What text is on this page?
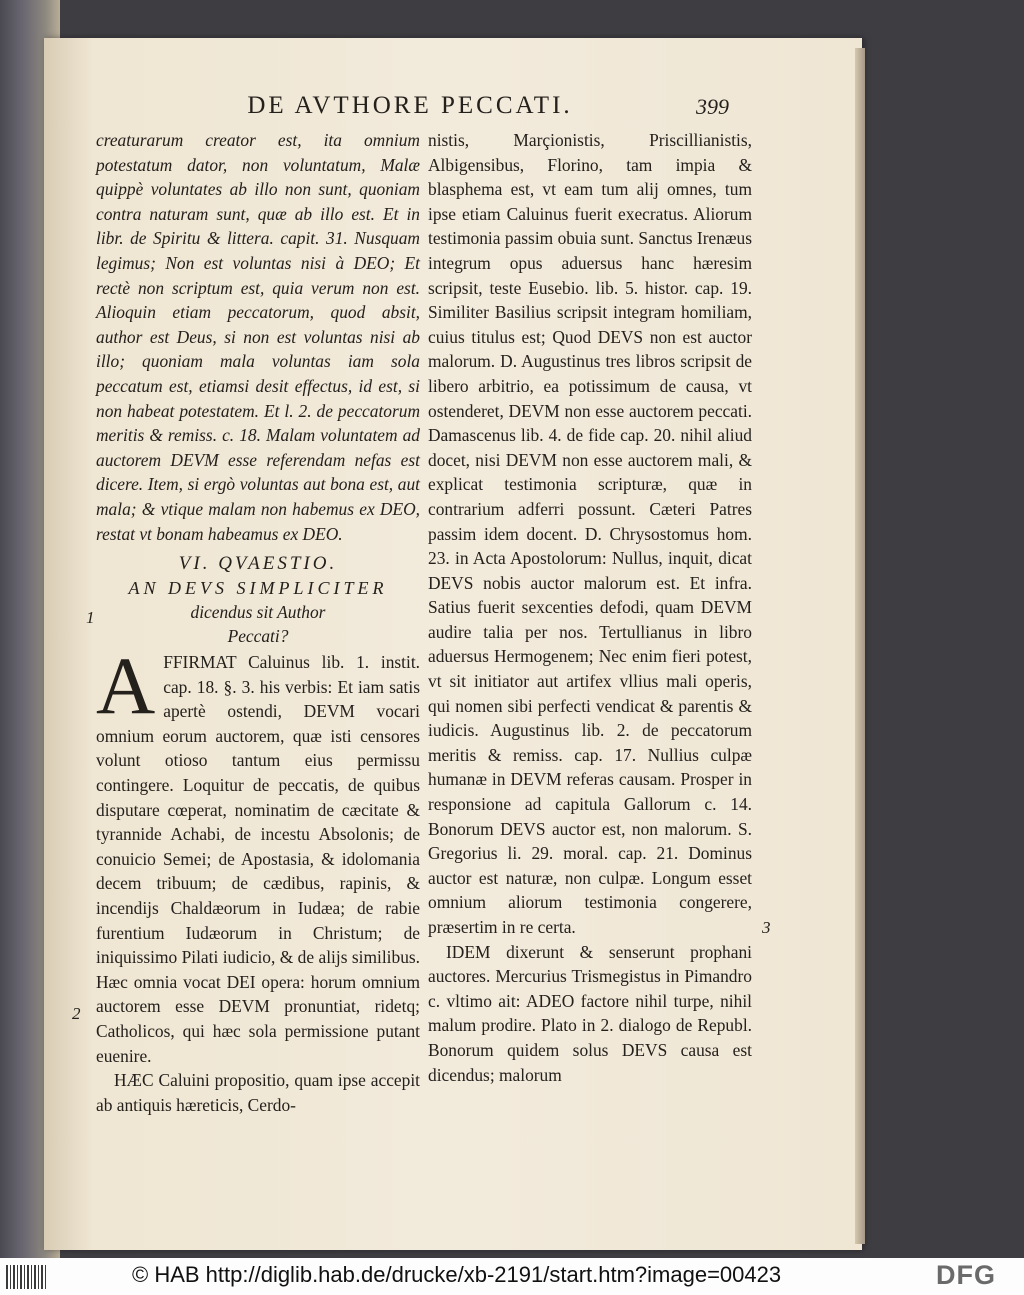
DE AVTHORE PECCATI.	399

creaturarum creator est, ita omnium potestatum dator, non voluntatum, Malæ quippè voluntates ab illo non sunt, quoniam contra naturam sunt, quæ ab illo est. Et in libr. de Spiritu & littera. capit. 31. Nusquam legimus; Non est voluntas nisi à DEO; Et rectè non scriptum est, quia verum non est. Alioquin etiam peccatorum, quod absit, author est Deus, si non est voluntas nisi ab illo; quoniam mala voluntas iam sola peccatum est, etiamsi desit effectus, id est, si non habeat potestatem. Et l. 2. de peccatorum meritis & remiss. c. 18. Malam voluntatem ad auctorem DEVM esse referendam nefas est dicere. Item, si ergò voluntas aut bona est, aut mala; & vtique malam non habemus ex DEO, restat vt bonam habeamus ex DEO.

VI. QVAESTIO.
AN DEVS SIMPLICITER
dicendus sit Author
Peccati?

AFFIRMAT Caluinus lib. 1. instit. cap. 18. §. 3. his verbis: Et iam satis apertè ostendi, DEVM vocari omnium eorum auctorem, quæ isti censores volunt otioso tantum eius permissu contingere. Loquitur de peccatis, de quibus disputare cœperat, nominatim de cæcitate & tyrannide Achabi, de incestu Absolonis; de conuicio Semei; de Apostasia, & idolomania decem tribuum; de cædibus, rapinis, & incendijs Chaldæorum in Iudæa; de rabie furentium Iudæorum in Christum; de iniquissimo Pilati iudicio, & de alijs similibus. Hæc omnia vocat DEI opera: horum omnium auctorem esse DEVM pronuntiat, ridetq; Catholicos, qui hæc sola permissione putant euenire.

HÆC Caluini propositio, quam ipse accepit ab antiquis hæreticis, Cerdo-

nistis, Marçionistis, Priscillianistis, Albigensibus, Florino, tam impia & blasphema est, vt eam tum alij omnes, tum ipse etiam Caluinus fuerit execratus. Aliorum testimonia passim obuia sunt. Sanctus Irenæus integrum opus aduersus hanc hæresim scripsit, teste Eusebio. lib. 5. histor. cap. 19. Similiter Basilius scripsit integram homiliam, cuius titulus est; Quod DEVS non est auctor malorum. D. Augustinus tres libros scripsit de libero arbitrio, ea potissimum de causa, vt ostenderet, DEVM non esse auctorem peccati. Damascenus lib. 4. de fide cap. 20. nihil aliud docet, nisi DEVM non esse auctorem mali, & explicat testimonia scripturæ, quæ in contrarium adferri possunt. Cæteri Patres passim idem docent. D. Chrysostomus hom. 23. in Acta Apostolorum: Nullus, inquit, dicat DEVS nobis auctor malorum est. Et infra. Satius fuerit sexcenties defodi, quam DEVM audire talia per nos. Tertullianus in libro aduersus Hermogenem; Nec enim fieri potest, vt sit initiator aut artifex vllius mali operis, qui nomen sibi perfecti vendicat & parentis & iudicis. Augustinus lib. 2. de peccatorum meritis & remiss. cap. 17. Nullius culpæ humanæ in DEVM referas causam. Prosper in responsione ad capitula Gallorum c. 14. Bonorum DEVS auctor est, non malorum. S. Gregorius li. 29. moral. cap. 21. Dominus auctor est naturæ, non culpæ. Longum esset omnium aliorum testimonia congerere, præsertim in re certa.

IDEM dixerunt & senserunt prophani auctores. Mercurius Trismegistus in Pimandro c. vltimo ait: ADEO factore nihil turpe, nihil malum prodire. Plato in 2. dialogo de Republ. Bonorum quidem solus DEVS causa est dicendus; malorum

1
2
3
© HAB http://diglib.hab.de/drucke/xb-2191/start.htm?image=00423	DFG
